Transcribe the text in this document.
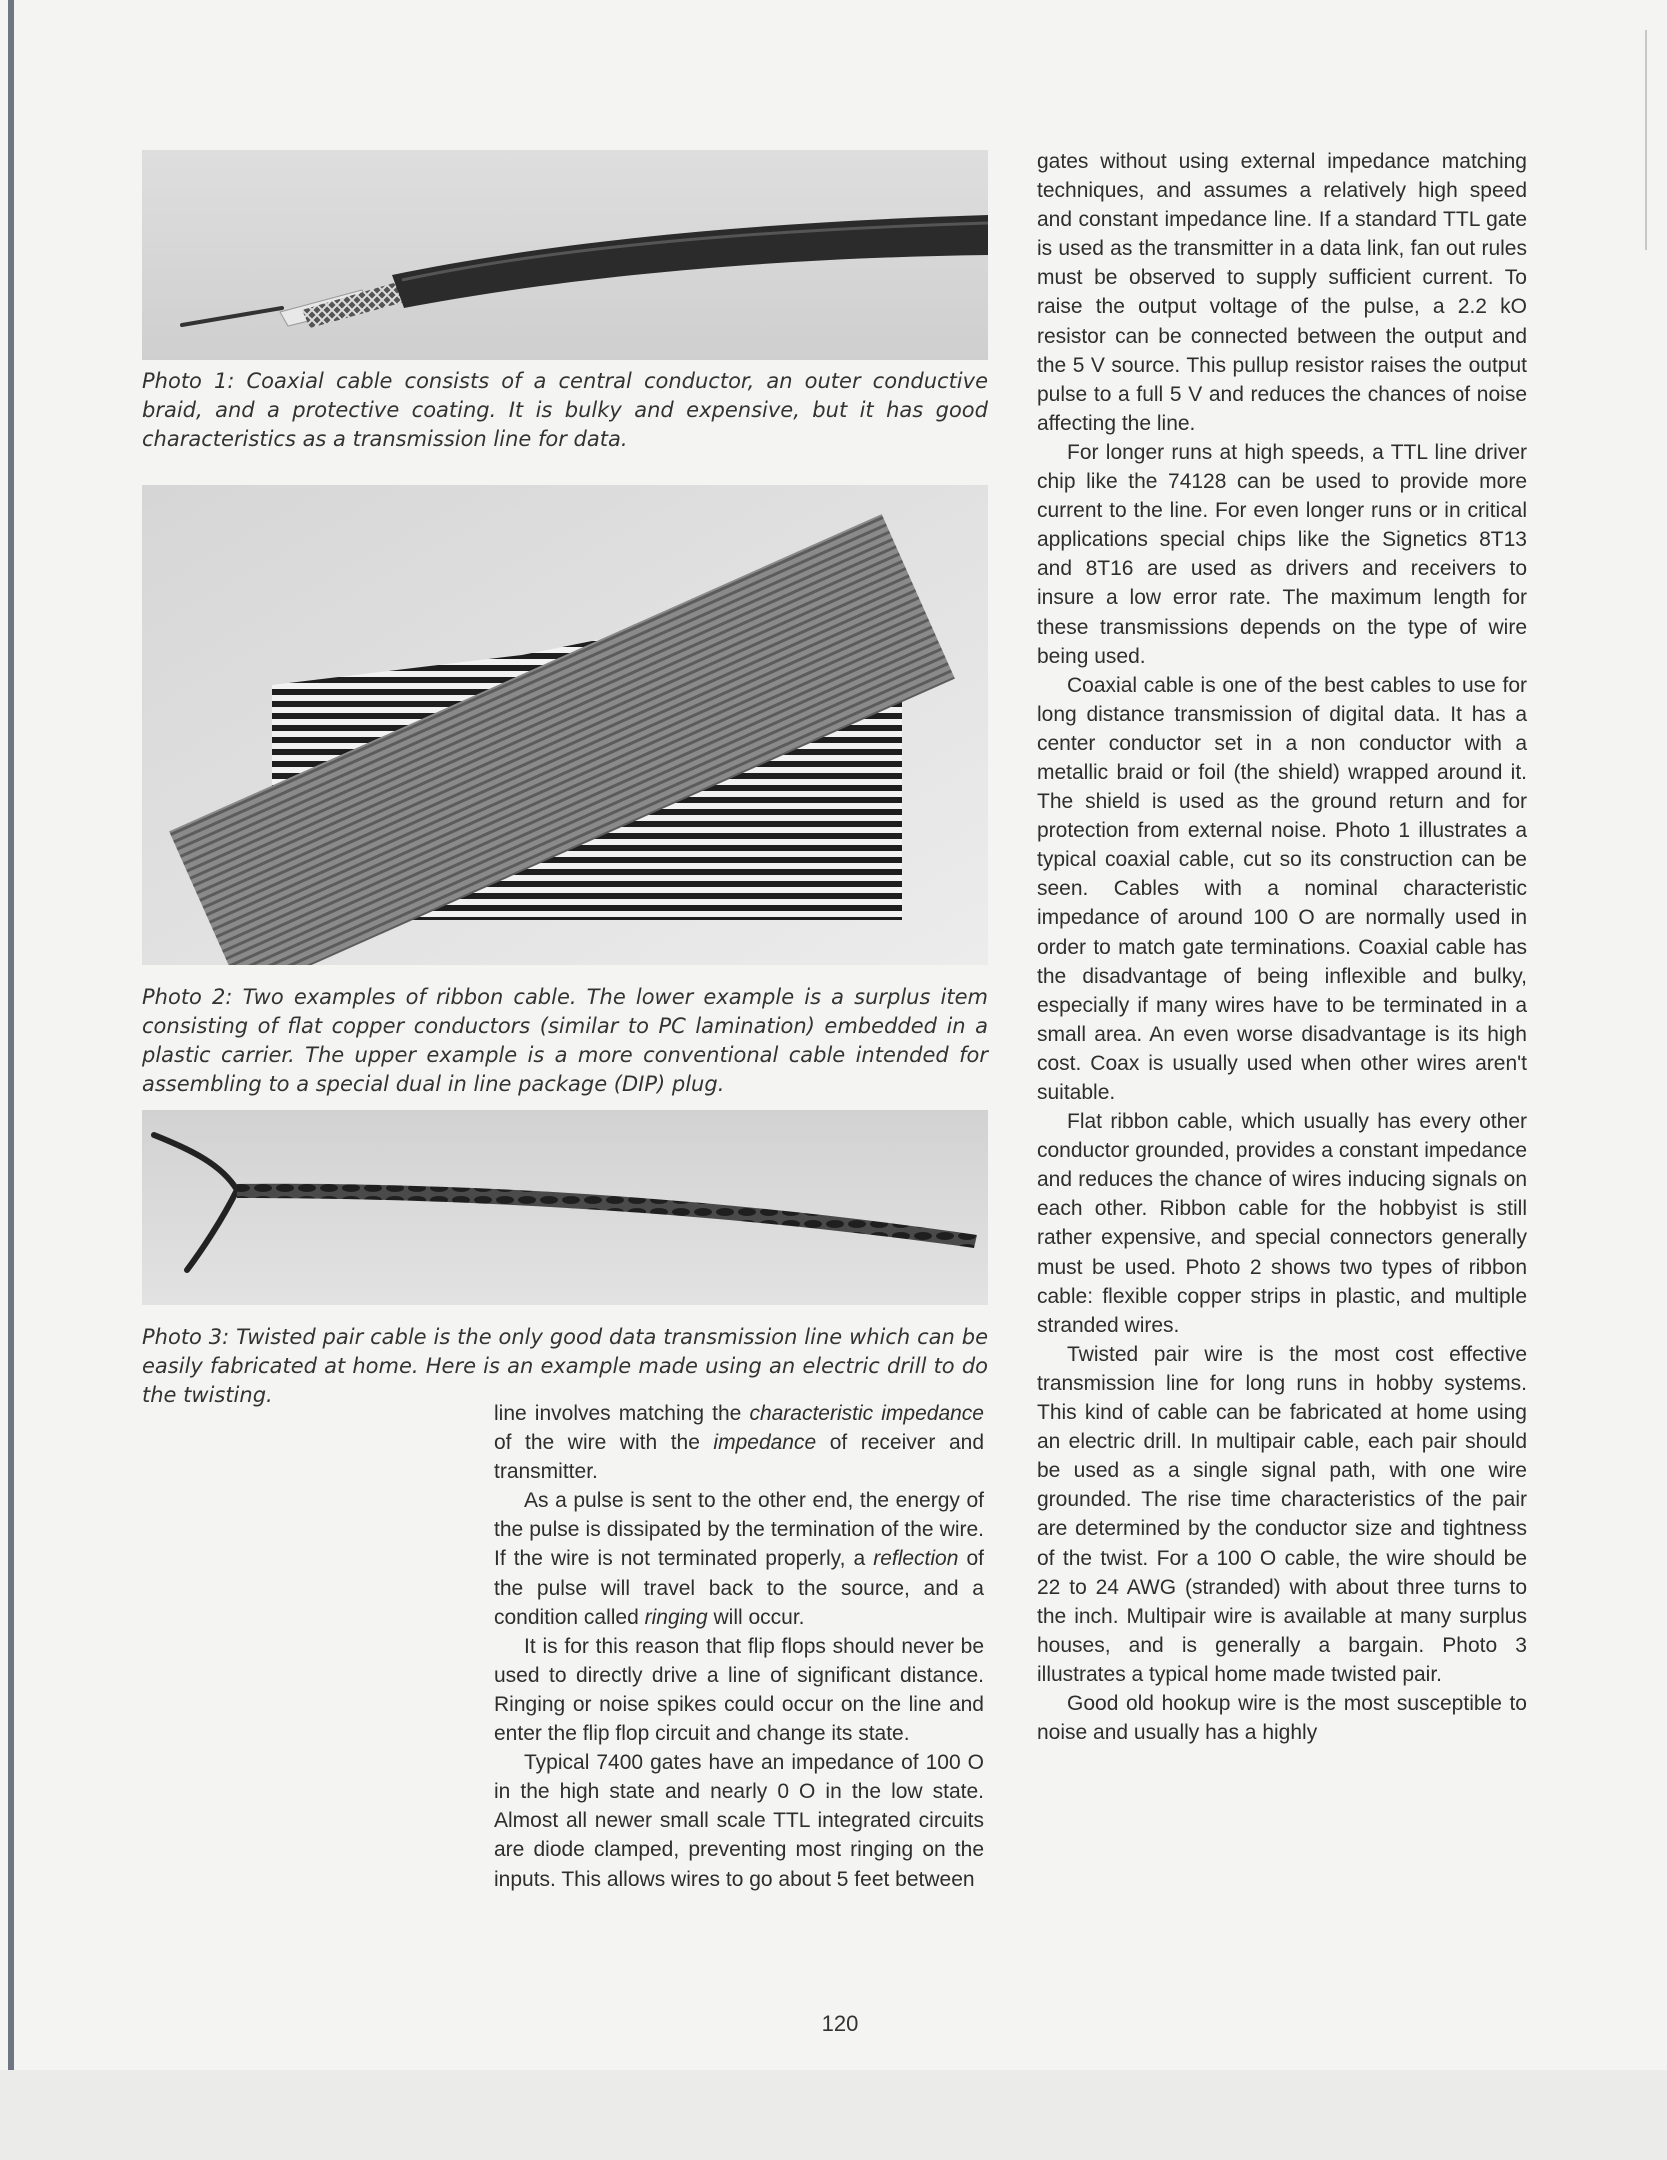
Photo 1: Coaxial cable consists of a central conductor, an outer conductive braid, and a protective coating. It is bulky and expensive, but it has good characteristics as a transmission line for data.

Photo 2: Two examples of ribbon cable. The lower example is a surplus item consisting of flat copper conductors (similar to PC lamination) embedded in a plastic carrier. The upper example is a more conventional cable intended for assembling to a special dual in line package (DIP) plug.

Photo 3: Twisted pair cable is the only good data transmission line which can be easily fabricated at home. Here is an example made using an electric drill to do the twisting.

line involves matching the characteristic impedance of the wire with the impedance of receiver and transmitter.

As a pulse is sent to the other end, the energy of the pulse is dissipated by the termination of the wire. If the wire is not terminated properly, a reflection of the pulse will travel back to the source, and a condition called ringing will occur.

It is for this reason that flip flops should never be used to directly drive a line of significant distance. Ringing or noise spikes could occur on the line and enter the flip flop circuit and change its state.

Typical 7400 gates have an impedance of 100 O in the high state and nearly 0 O in the low state. Almost all newer small scale TTL integrated circuits are diode clamped, preventing most ringing on the inputs. This allows wires to go about 5 feet between

gates without using external impedance matching techniques, and assumes a relatively high speed and constant impedance line. If a standard TTL gate is used as the transmitter in a data link, fan out rules must be observed to supply sufficient current. To raise the output voltage of the pulse, a 2.2 kO resistor can be connected between the output and the 5 V source. This pullup resistor raises the output pulse to a full 5 V and reduces the chances of noise affecting the line.

For longer runs at high speeds, a TTL line driver chip like the 74128 can be used to provide more current to the line. For even longer runs or in critical applications special chips like the Signetics 8T13 and 8T16 are used as drivers and receivers to insure a low error rate. The maximum length for these transmissions depends on the type of wire being used.

Coaxial cable is one of the best cables to use for long distance transmission of digital data. It has a center conductor set in a non conductor with a metallic braid or foil (the shield) wrapped around it. The shield is used as the ground return and for protection from external noise. Photo 1 illustrates a typical coaxial cable, cut so its construction can be seen. Cables with a nominal characteristic impedance of around 100 O are normally used in order to match gate terminations. Coaxial cable has the disadvantage of being inflexible and bulky, especially if many wires have to be terminated in a small area. An even worse disadvantage is its high cost. Coax is usually used when other wires aren't suitable.

Flat ribbon cable, which usually has every other conductor grounded, provides a constant impedance and reduces the chance of wires inducing signals on each other. Ribbon cable for the hobbyist is still rather expensive, and special connectors generally must be used. Photo 2 shows two types of ribbon cable: flexible copper strips in plastic, and multiple stranded wires.

Twisted pair wire is the most cost effective transmission line for long runs in hobby systems. This kind of cable can be fabricated at home using an electric drill. In multipair cable, each pair should be used as a single signal path, with one wire grounded. The rise time characteristics of the pair are determined by the conductor size and tightness of the twist. For a 100 O cable, the wire should be 22 to 24 AWG (stranded) with about three turns to the inch. Multipair wire is available at many surplus houses, and is generally a bargain. Photo 3 illustrates a typical home made twisted pair.

Good old hookup wire is the most susceptible to noise and usually has a highly

120
